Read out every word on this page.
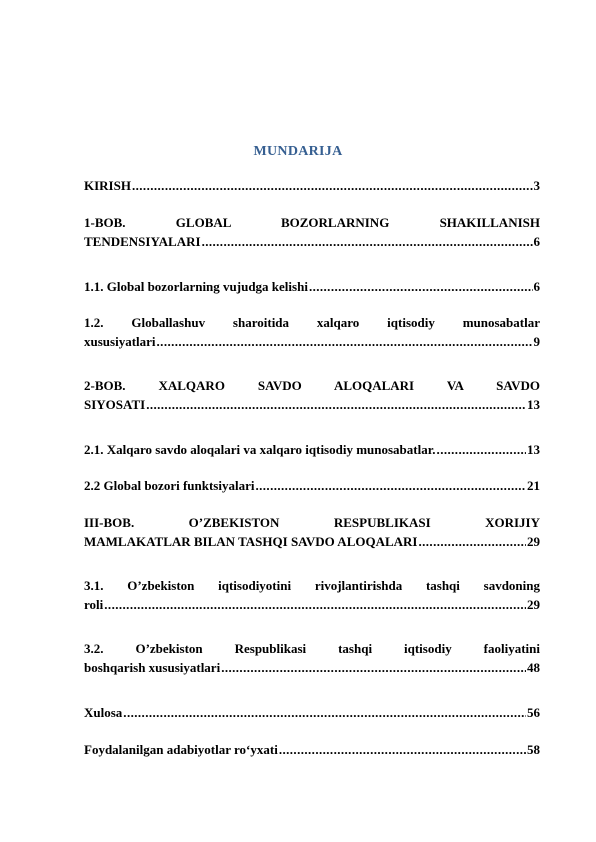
MUNDARIJA
KIRISH .....	3
1-BOB. GLOBAL BOZORLARNING SHAKILLANISH
TENDENSIYALARI .....	6
1.1. Global bozorlarning vujudga kelishi .....	6
1.2. Globallashuv sharoitida xalqaro iqtisodiy munosabatlar
xususiyatlari .....	9
2-BOB. XALQARO SAVDO ALOQALARI VA SAVDO
SIYOSATI .....	13
2.1. Xalqaro savdo aloqalari va xalqaro iqtisodiy munosabatlar. .....	13
2.2 Global bozori funktsiyalari .....	21
III-BOB. O’ZBEKISTON RESPUBLIKASI XORIJIY
MAMLAKATLAR BILAN TASHQI SAVDO ALOQALARI .....	29
3.1. O’zbekiston iqtisodiyotini rivojlantirishda tashqi savdoning
roli .....	29
3.2. O’zbekiston Respublikasi tashqi iqtisodiy faoliyatini
boshqarish xususiyatlari .....	48
Xulosa .....	56
Foydalanilgan adabiyotlar ro‘yxati .....	58
